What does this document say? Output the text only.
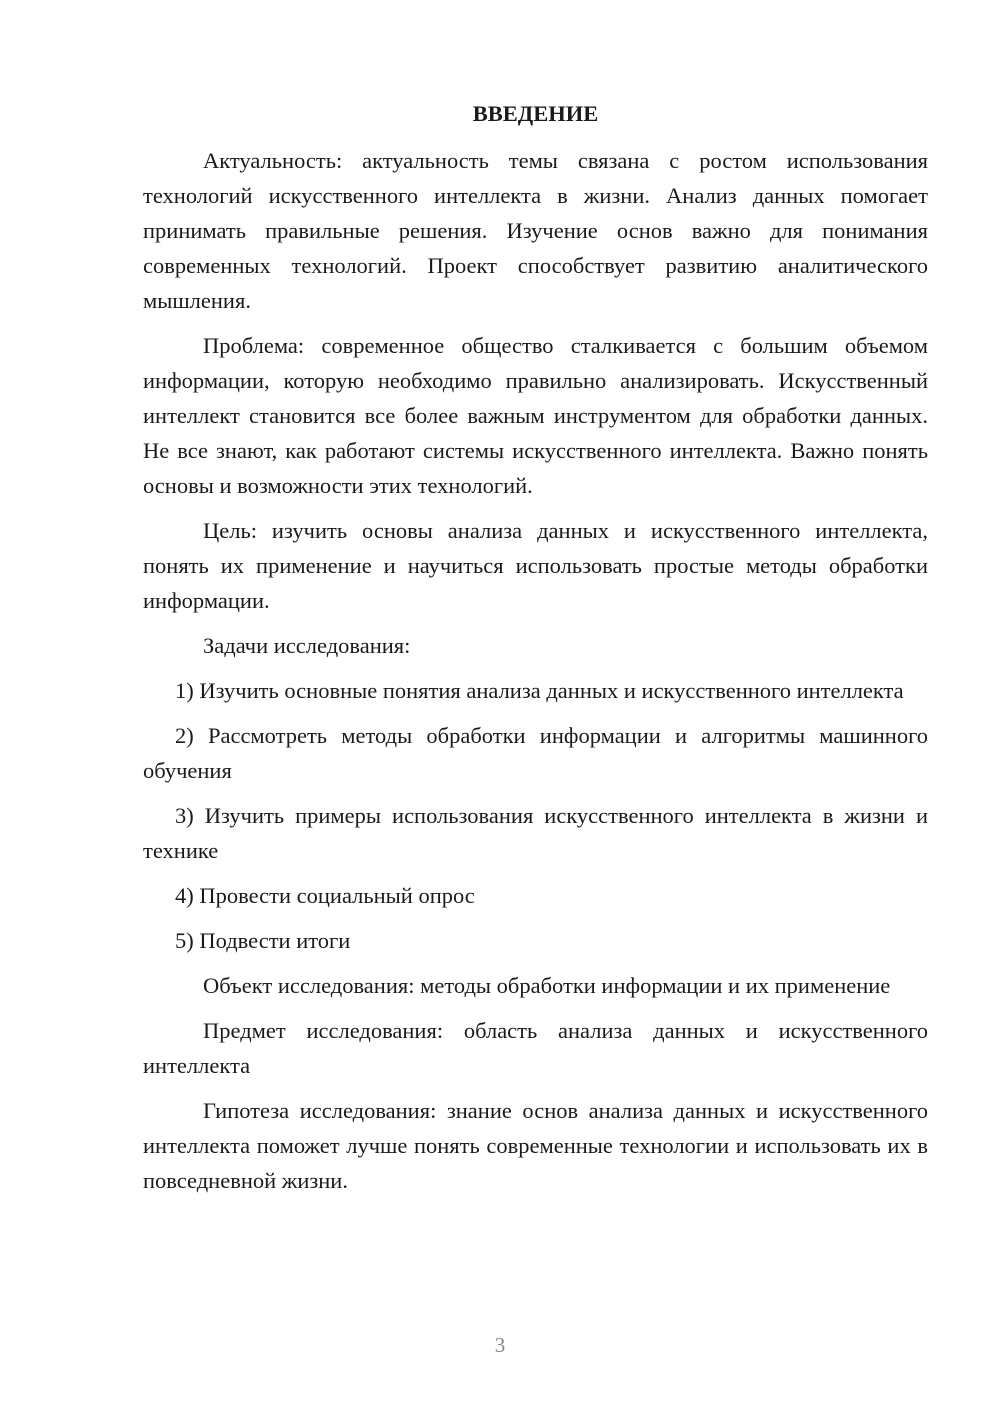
ВВЕДЕНИЕ

Актуальность: актуальность темы связана с ростом использования технологий искусственного интеллекта в жизни. Анализ данных помогает принимать правильные решения. Изучение основ важно для понимания современных технологий. Проект способствует развитию аналитического мышления.

Проблема: современное общество сталкивается с большим объемом информации, которую необходимо правильно анализировать. Искусственный интеллект становится все более важным инструментом для обработки данных. Не все знают, как работают системы искусственного интеллекта. Важно понять основы и возможности этих технологий.

Цель: изучить основы анализа данных и искусственного интеллекта, понять их применение и научиться использовать простые методы обработки информации.

Задачи исследования:

1) Изучить основные понятия анализа данных и искусственного интеллекта

2) Рассмотреть методы обработки информации и алгоритмы машинного обучения

3) Изучить примеры использования искусственного интеллекта в жизни и технике

4) Провести социальный опрос

5) Подвести итоги

Объект исследования: методы обработки информации и их применение

Предмет исследования: область анализа данных и искусственного интеллекта

Гипотеза исследования: знание основ анализа данных и искусственного интеллекта поможет лучше понять современные технологии и использовать их в повседневной жизни.

3
